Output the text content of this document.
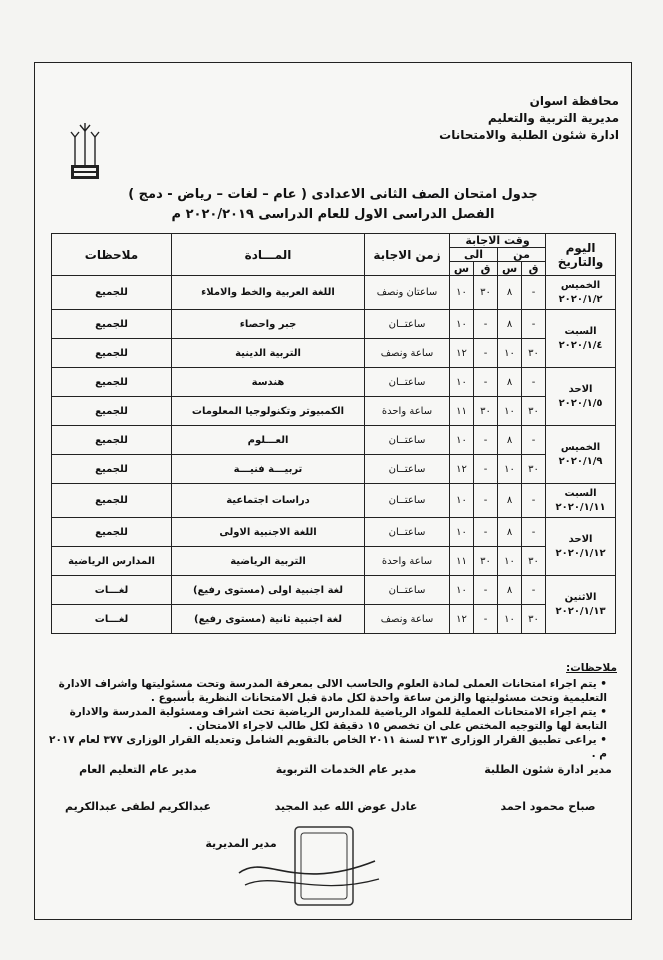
محافظة اسوان
مديرية التربية والتعليم
ادارة شئون الطلبة والامتحانات
جدول امتحان الصف الثانى الاعدادى ( عام – لغات – رياض - دمج )
الفصل الدراسى الاول للعام الدراسى ٢٠٢٠/٢٠١٩ م
اليوم والتاريخ	وقت الاجابة				زمن الاجابة	المـــادة	ملاحظات
	من		الى				
	ق	س	ق	س			

الخميس
٢٠٢٠/١/٢	-	٨	٣٠	١٠	ساعتان ونصف	اللغة العربية والخط والاملاء	للجميع

السبت
٢٠٢٠/١/٤	-	٨	-	١٠	ساعتــان	جبر واحصاء	للجميع
	٣٠	١٠	-	١٢	ساعة ونصف	التربية الدينية	للجميع

الاحد
٢٠٢٠/١/٥	-	٨	-	١٠	ساعتــان	هندسة	للجميع
	٣٠	١٠	٣٠	١١	ساعة واحدة	الكمبيوتر وتكنولوجيا المعلومات	للجميع

الخميس
٢٠٢٠/١/٩	-	٨	-	١٠	ساعتــان	العـــلوم	للجميع
	٣٠	١٠	-	١٢	ساعتــان	تربيـــة فنيـــة	للجميع

السبت
٢٠٢٠/١/١١	-	٨	-	١٠	ساعتــان	دراسات اجتماعية	للجميع

الاحد
٢٠٢٠/١/١٢	-	٨	-	١٠	ساعتــان	اللغة الاجنبية الاولى	للجميع
	٣٠	١٠	٣٠	١١	ساعة واحدة	التربية الرياضية	المدارس الرياضية

الاثنين
٢٠٢٠/١/١٣	-	٨	-	١٠	ساعتــان	لغة اجنبية اولى (مستوى رفيع)	لغـــات
	٣٠	١٠	-	١٢	ساعة ونصف	لغة اجنبية ثانية (مستوى رفيع)	لغـــات
ملاحظات:
• يتم اجراء امتحانات العملى لمادة العلوم والحاسب الالى بمعرفة المدرسة وتحت مسئوليتها واشراف الادارة التعليمية وتحت مسئوليتها والزمن ساعة واحدة لكل مادة قبل الامتحانات النظرية بأسبوع .
• يتم اجراء الامتحانات العملية للمواد الرياضية للمدارس الرياضية تحت اشراف ومسئولية المدرسة والادارة التابعة لها والتوجيه المختص على ان تخصص ١٥ دقيقة لكل طالب لاجراء الامتحان .
• يراعى تطبيق القرار الوزارى ٣١٣ لسنة ٢٠١١ الخاص بالتقويم الشامل وتعديله القرار الوزارى ٣٧٧ لعام ٢٠١٧ م .
مدير ادارة شئون الطلبة
صباح محمود احمد
مدير عام الخدمات التربوية
عادل عوض الله عبد المجيد
مدير عام التعليم العام
عبدالكريم لطفى عبدالكريم
مدير المديرية
